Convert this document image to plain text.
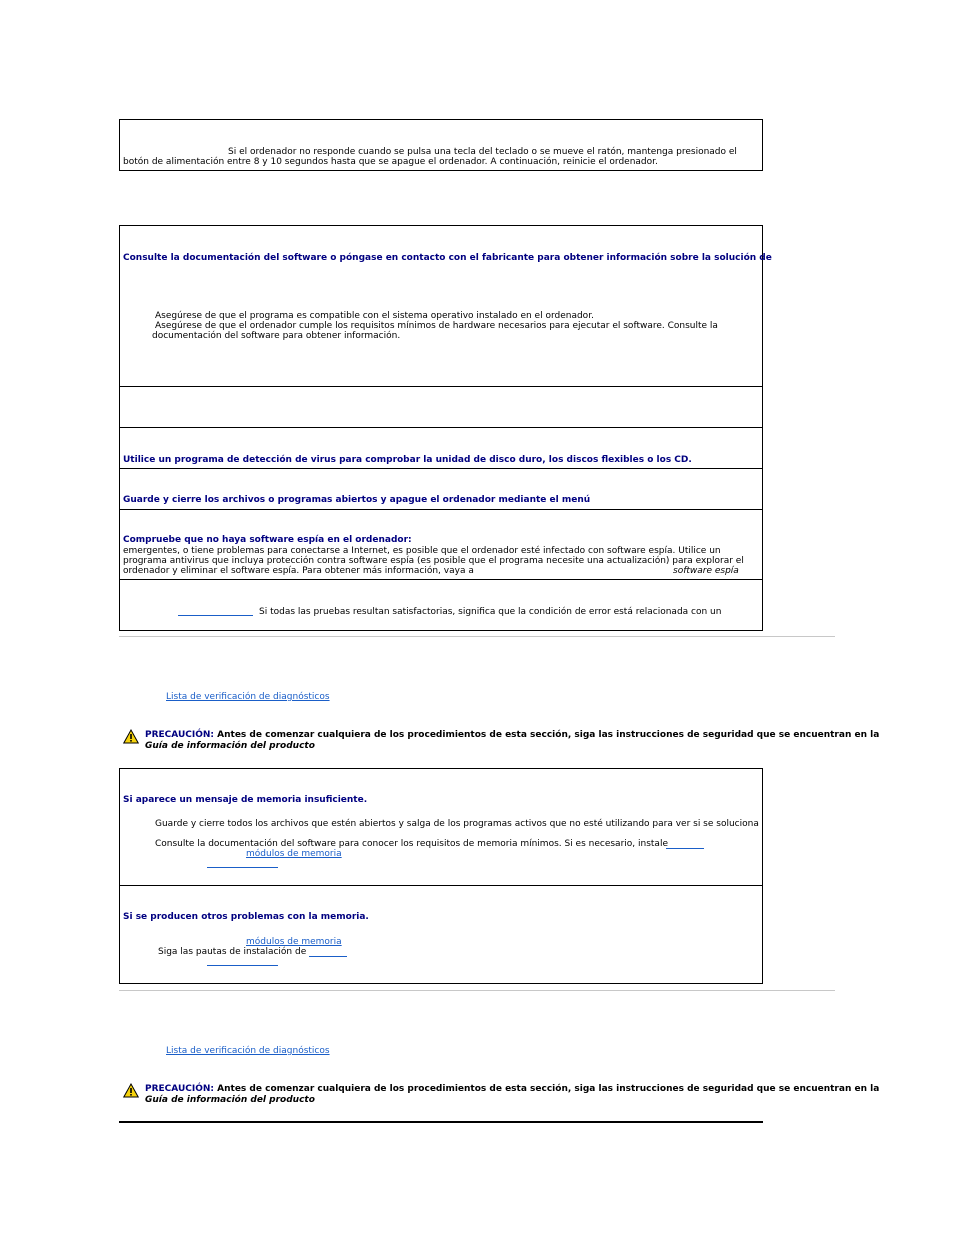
Si el ordenador no responde cuando se pulsa una tecla del teclado o se mueve el ratón, mantenga presionado el
botón de alimentación entre 8 y 10 segundos hasta que se apague el ordenador. A continuación, reinicie el ordenador.
Consulte la documentación del software o póngase en contacto con el fabricante para obtener información sobre la solución de
Asegúrese de que el programa es compatible con el sistema operativo instalado en el ordenador.
Asegúrese de que el ordenador cumple los requisitos mínimos de hardware necesarios para ejecutar el software. Consulte la
documentación del software para obtener información.
Utilice un programa de detección de virus para comprobar la unidad de disco duro, los discos flexibles o los CD.
Guarde y cierre los archivos o programas abiertos y apague el ordenador mediante el menú
Compruebe que no haya software espía en el ordenador:
emergentes, o tiene problemas para conectarse a Internet, es posible que el ordenador esté infectado con software espía. Utilice un
programa antivirus que incluya protección contra software espía (es posible que el programa necesite una actualización) para explorar el
ordenador y eliminar el software espía. Para obtener más información, vaya a	software espía
Si todas las pruebas resultan satisfactorias, significa que la condición de error está relacionada con un
Lista de verificación de diagnósticos
PRECAUCIÓN: Antes de comenzar cualquiera de los procedimientos de esta sección, siga las instrucciones de seguridad que se encuentran en la
Guía de información del producto
Si aparece un mensaje de memoria insuficiente.
Guarde y cierre todos los archivos que estén abiertos y salga de los programas activos que no esté utilizando para ver si se soluciona
Consulte la documentación del software para conocer los requisitos de memoria mínimos. Si es necesario, instale
módulos de memoria
Si se producen otros problemas con la memoria.
módulos de memoria
Siga las pautas de instalación de
Lista de verificación de diagnósticos
PRECAUCIÓN: Antes de comenzar cualquiera de los procedimientos de esta sección, siga las instrucciones de seguridad que se encuentran en la
Guía de información del producto
